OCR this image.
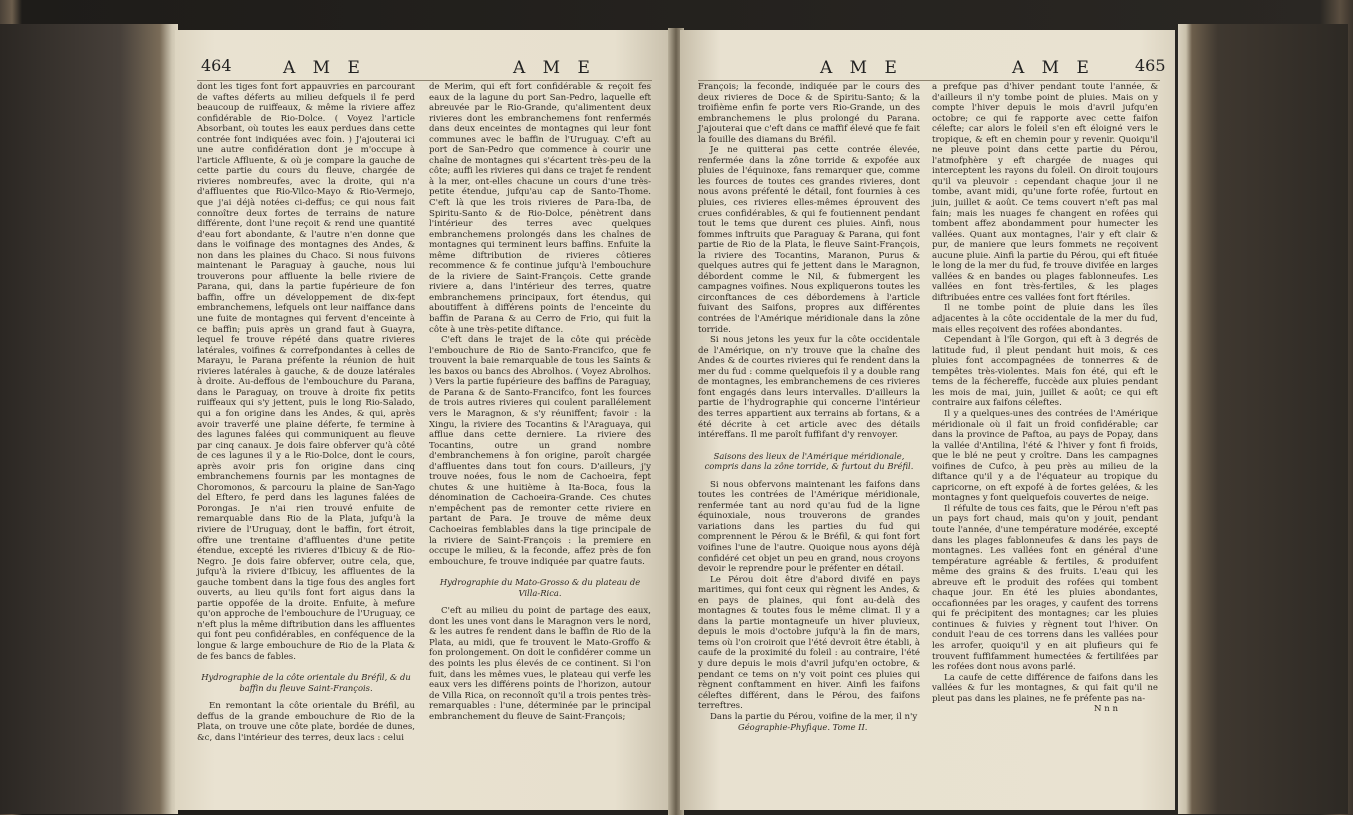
464	A M E	A M E

dont les tiges font fort appauvries en parcourant de vaftes déferts au milieu defquels il fe perd beaucoup de ruiffeaux, & même la riviere affez confidérable de Rio-Dolce. ( Voyez l'article Absorbant, où toutes les eaux perdues dans cette contrée font indiquées avec foin. ) J'ajouterai ici une autre confidération dont je m'occupe à l'article Affluente, & où je compare la gauche de cette partie du cours du fleuve, chargée de rivieres nombreufes, avec la droite, qui n'a d'affluentes que Rio-Vilco-Mayo & Rio-Vermejo, que j'ai déjà notées ci-deffus; ce qui nous fait connoître deux fortes de terrains de nature différente, dont l'une reçoit & rend une quantité d'eau fort abondante, & l'autre n'en donne que dans le voifinage des montagnes des Andes, & non dans les plaines du Chaco. Si nous fuivons maintenant le Paraguay à gauche, nous lui trouverons pour affluente la belle riviere de Parana, qui, dans la partie fupérieure de fon baffin, offre un développement de dix-fept embranchemens, lefquels ont leur naiffance dans une fuite de montagnes qui fervent d'enceinte à ce baffin; puis après un grand faut à Guayra, lequel fe trouve répété dans quatre rivieres latérales, voifines & correfpondantes à celles de Marayu, le Parana préfente la réunion de huit rivieres latérales à gauche, & de douze latérales à droite. Au-deffous de l'embouchure du Parana, dans le Paraguay, on trouve à droite fix petits ruiffeaux qui s'y jettent, puis le long Rio-Salado, qui a fon origine dans les Andes, & qui, après avoir traverfé une plaine déferte, fe termine à des lagunes falées qui communiquent au fleuve par cinq canaux. Je dois faire obferver qu'à côté de ces lagunes il y a le Rio-Dolce, dont le cours, après avoir pris fon origine dans cinq embranchemens fournis par les montagnes de Choromonos, & parcouru la plaine de San-Yago del Eftero, fe perd dans les lagunes falées de Porongas. Je n'ai rien trouvé enfuite de remarquable dans Rio de la Plata, jufqu'à la riviere de l'Uruguay, dont le baffin, fort étroit, offre une trentaine d'affluentes d'une petite étendue, excepté les rivieres d'Ibicuy & de Rio-Negro. Je dois faire obferver, outre cela, que, jufqu'à la riviere d'Ibicuy, les affluentes de la gauche tombent dans la tige fous des angles fort ouverts, au lieu qu'ils font fort aigus dans la partie oppofée de la droite. Enfuite, à mefure qu'on approche de l'embouchure de l'Uruguay, ce n'eft plus la même diftribution dans les affluentes qui font peu confidérables, en conféquence de la longue & large embouchure de Rio de la Plata & de fes bancs de fables.

Hydrographie de la côte orientale du Bréfil, & du baffin du fleuve Saint-François.

En remontant la côte orientale du Bréfil, au deffus de la grande embouchure de Rio de la Plata, on trouve une côte plate, bordée de dunes, &c, dans l'intérieur des terres, deux lacs : celui

de Merim, qui eft fort confidérable & reçoit fes eaux de la lagune du port San-Pedro, laquelle eft abreuvée par le Rio-Grande, qu'alimentent deux rivieres dont les embranchemens font renfermés dans deux enceintes de montagnes qui leur font communes avec le baffin de l'Uruguay. C'eft au port de San-Pedro que commence à courir une chaîne de montagnes qui s'écartent très-peu de la côte; auffi les rivieres qui dans ce trajet fe rendent à la mer, ont-elles chacune un cours d'une très-petite étendue, jufqu'au cap de Santo-Thome. C'eft là que les trois rivieres de Para-Iba, de Spiritu-Santo & de Rio-Dolce, pénètrent dans l'intérieur des terres avec quelques embranchemens prolongés dans les chaînes de montagnes qui terminent leurs baffins. Enfuite la même diftribution de rivieres côtieres recommence & fe continue jufqu'à l'embouchure de la riviere de Saint-François. Cette grande riviere a, dans l'intérieur des terres, quatre embranchemens principaux, fort étendus, qui aboutiffent à différens points de l'enceinte du baffin de Parana & au Cerro de Frio, qui fuit la côte à une très-petite diftance.

C'eft dans le trajet de la côte qui précède l'embouchure de Rio de Santo-Francifco, que fe trouvent la baie remarquable de tous les Saints & les baxos ou bancs des Abrolhos. ( Voyez Abrolhos. ) Vers la partie fupérieure des baffins de Paraguay, de Parana & de Santo-Francifco, font les fources de trois autres rivieres qui coulent parallélement vers le Maragnon, & s'y réuniffent; favoir : la Xingu, la riviere des Tocantins & l'Araguaya, qui afflue dans cette derniere. La riviere des Tocantins, outre un grand nombre d'embranchemens à fon origine, paroît chargée d'affluentes dans tout fon cours. D'ailleurs, j'y trouve noées, fous le nom de Cachoeira, fept chutes & une huitième à Ita-Boca, fous la dénomination de Cachoeira-Grande. Ces chutes n'empêchent pas de remonter cette riviere en partant de Para. Je trouve de même deux Cachoeiras femblables dans la tige principale de la riviere de Saint-François : la premiere en occupe le milieu, & la feconde, affez près de fon embouchure, fe trouve indiquée par quatre fauts.

Hydrographie du Mato-Grosso & du plateau de Villa-Rica.

C'eft au milieu du point de partage des eaux, dont les unes vont dans le Maragnon vers le nord, & les autres fe rendent dans le baffin de Rio de la Plata, au midi, que fe trouvent le Mato-Groffo & fon prolongement. On doit le confidérer comme un des points les plus élevés de ce continent. Si l'on fuit, dans les mêmes vues, le plateau qui verfe les eaux vers les différens points de l'horizon, autour de Villa Rica, on reconnoît qu'il a trois pentes très-remarquables : l'une, déterminée par le principal embranchement du fleuve de Saint-François;

A M E	A M E	465

François; la feconde, indiquée par le cours des deux rivieres de Doce & de Spiritu-Santo; & la troifième enfin fe porte vers Rio-Grande, un des embranchemens le plus prolongé du Parana. J'ajouterai que c'eft dans ce maffif élevé que fe fait la fouille des diamans du Bréfil.

Je ne quitterai pas cette contrée élevée, renfermée dans la zône torride & expofée aux pluies de l'équinoxe, fans remarquer que, comme les fources de toutes ces grandes rivieres, dont nous avons préfenté le détail, font fournies à ces pluies, ces rivieres elles-mêmes éprouvent des crues confidérables, & qui fe foutiennent pendant tout le tems que durent ces pluies. Ainfi, nous fommes inftruits que Paraguay & Parana, qui font partie de Rio de la Plata, le fleuve Saint-François, la riviere des Tocantins, Maranon, Purus & quelques autres qui fe jettent dans le Maragnon, débordent comme le Nil, & fubmergent les campagnes voifines. Nous expliquerons toutes les circonftances de ces débordemens à l'article fuivant des Saifons, propres aux différentes contrées de l'Amérique méridionale dans la zône torride.

Si nous jetons les yeux fur la côte occidentale de l'Amérique, on n'y trouve que la chaîne des Andes & de courtes rivieres qui fe rendent dans la mer du fud : comme quelquefois il y a double rang de montagnes, les embranchemens de ces rivieres font engagés dans leurs intervalles. D'ailleurs la partie de l'hydrographie qui concerne l'intérieur des terres appartient aux terrains ab fortans, & a été décrite à cet article avec des détails intéreffans. Il me paroît fuffifant d'y renvoyer.

Saisons des lieux de l'Amérique méridionale, compris dans la zône torride, & furtout du Bréfil.

Si nous obfervons maintenant les faifons dans toutes les contrées de l'Amérique méridionale, renfermée tant au nord qu'au fud de la ligne équinoxiale, nous trouverons de grandes variations dans les parties du fud qui comprennent le Pérou & le Bréfil, & qui font fort voifines l'une de l'autre. Quoique nous ayons déjà confidéré cet objet un peu en grand, nous croyons devoir le reprendre pour le préfenter en détail.

Le Pérou doit être d'abord divifé en pays maritimes, qui font ceux qui règnent les Andes, & en pays de plaines, qui font au-delà des montagnes & toutes fous le même climat. Il y a dans la partie montagneufe un hiver pluvieux, depuis le mois d'octobre jufqu'à la fin de mars, tems où l'on croiroit que l'été devroit être établi, à caufe de la proximité du foleil : au contraire, l'été y dure depuis le mois d'avril jufqu'en octobre, & pendant ce tems on n'y voit point ces pluies qui règnent conftamment en hiver. Ainfi les faifons céleftes différent, dans le Pérou, des faifons terreftres.

Dans la partie du Pérou, voifine de la mer, il n'y

Géographie-Phyfique. Tome II.

a prefque pas d'hiver pendant toute l'année, & d'ailleurs il n'y tombe point de pluies. Mais on y compte l'hiver depuis le mois d'avril jufqu'en octobre; ce qui fe rapporte avec cette faifon célefte; car alors le foleil s'en eft éloigné vers le tropique, & eft en chemin pour y revenir. Quoiqu'il ne pleuve point dans cette partie du Pérou, l'atmofphère y eft chargée de nuages qui interceptent les rayons du foleil. On diroit toujours qu'il va pleuvoir : cependant chaque jour il ne tombe, avant midi, qu'une forte rofée, furtout en juin, juillet & août. Ce tems couvert n'eft pas mal fain; mais les nuages fe changent en rofées qui tombent affez abondamment pour humecter les vallées. Quant aux montagnes, l'air y eft clair & pur, de maniere que leurs fommets ne reçoivent aucune pluie. Ainfi la partie du Pérou, qui eft fituée le long de la mer du fud, fe trouve divifée en larges vallées & en bandes ou plages fablonneufes. Les vallées en font très-fertiles, & les plages diftribuées entre ces vallées font fort ftériles.

Il ne tombe point de pluie dans les îles adjacentes à la côte occidentale de la mer du fud, mais elles reçoivent des rofées abondantes.

Cependant à l'île Gorgon, qui eft à 3 degrés de latitude fud, il pleut pendant huit mois, & ces pluies font accompagnées de tonnerres & de tempêtes très-violentes. Mais fon été, qui eft le tems de la féchereffe, fuccède aux pluies pendant les mois de mai, juin, juillet & août; ce qui eft contraire aux faifons céleftes.

Il y a quelques-unes des contrées de l'Amérique méridionale où il fait un froid confidérable; car dans la province de Paftoa, au pays de Popay, dans la vallée d'Antilina, l'été & l'hiver y font fi froids, que le blé ne peut y croître. Dans les campagnes voifines de Cufco, à peu près au milieu de la diftance qu'il y a de l'équateur au tropique du capricorne, on eft expofé à de fortes gelées, & les montagnes y font quelquefois couvertes de neige.

Il réfulte de tous ces faits, que le Pérou n'eft pas un pays fort chaud, mais qu'on y jouit, pendant toute l'année, d'une température modérée, excepté dans les plages fablonneufes & dans les pays de montagnes. Les vallées font en général d'une température agréable & fertiles, & produifent même des grains & des fruits. L'eau qui les abreuve eft le produit des rofées qui tombent chaque jour. En été les pluies abondantes, occafionnées par les orages, y caufent des torrens qui fe précipitent des montagnes; car les pluies continues & fuivies y règnent tout l'hiver. On conduit l'eau de ces torrens dans les vallées pour les arrofer, quoiqu'il y en ait plufieurs qui fe trouvent fuffifamment humectées & fertilifées par les rofées dont nous avons parlé.

La caufe de cette différence de faifons dans les vallées & fur les montagnes, & qui fait qu'il ne pleut pas dans les plaines, ne fe préfente pas na-

N n n
